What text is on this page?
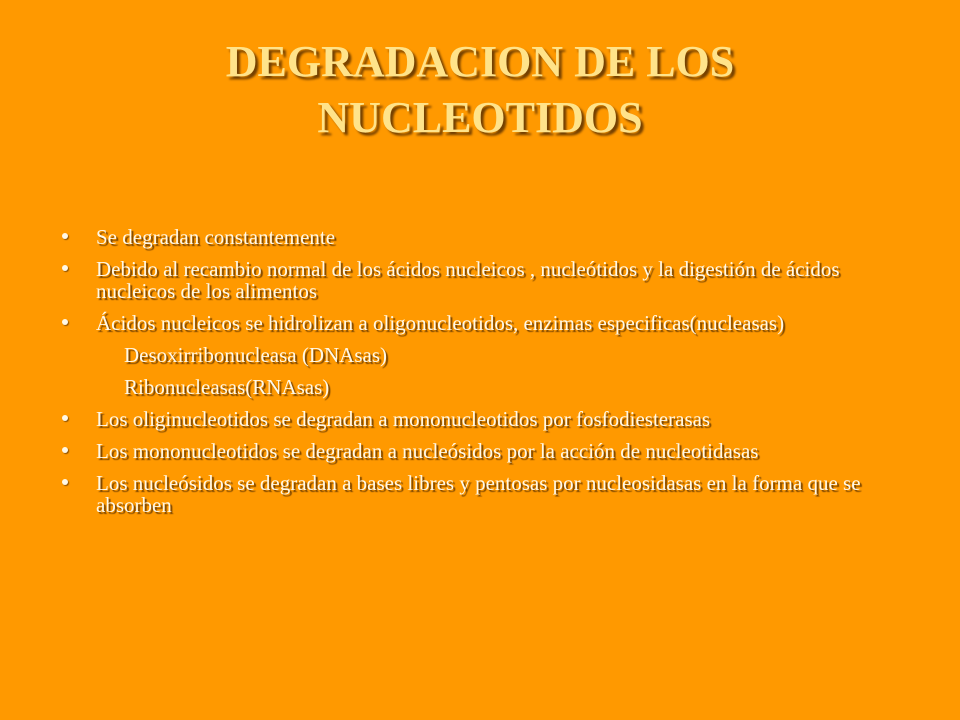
DEGRADACION DE LOS NUCLEOTIDOS
Se degradan constantemente
Debido al recambio normal de los ácidos nucleicos , nucleótidos y la digestión de ácidos nucleicos de los alimentos
Ácidos nucleicos se hidrolizan a oligonucleotidos, enzimas especificas(nucleasas)
Desoxirribonucleasa (DNAsas)
Ribonucleasas(RNAsas)
Los oliginucleotidos se degradan a mononucleotidos por fosfodiesterasas
Los mononucleotidos se degradan a nucleósidos por la acción de nucleotidasas
Los nucleósidos se degradan a bases libres y pentosas por nucleosidasas en la forma que se absorben
